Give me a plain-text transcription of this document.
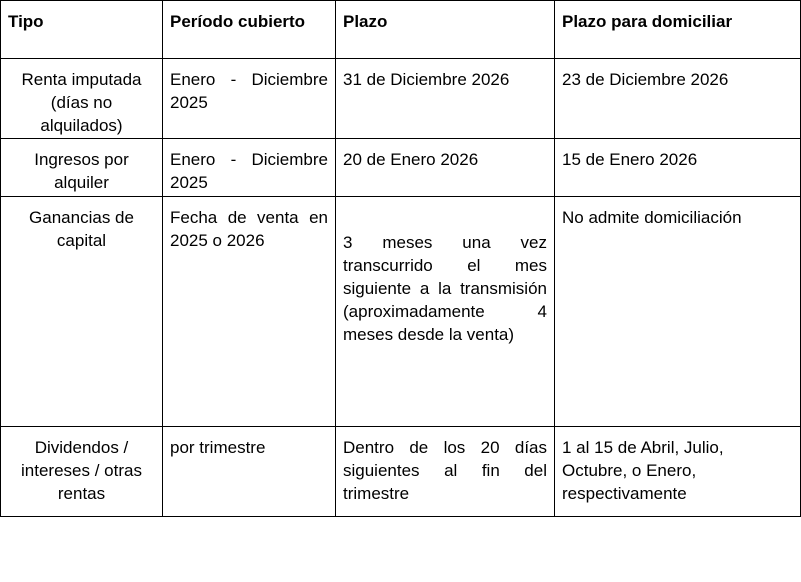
Tipo	Período cubierto	Plazo	Plazo para domiciliar
Renta imputada (días no alquilados)	Enero - Diciembre 2025	31 de Diciembre 2026	23 de Diciembre 2026
Ingresos por alquiler	Enero - Diciembre 2025	20 de Enero 2026	15 de Enero 2026
Ganancias de capital	Fecha de venta en 2025 o 2026	3 meses una vez transcurrido el mes siguiente a la transmisión (aproximadamente 4 meses desde la venta)	No admite domiciliación
Dividendos / intereses / otras rentas	por trimestre	Dentro de los 20 días siguientes al fin del trimestre	1 al 15 de Abril, Julio, Octubre, o Enero, respectivamente
